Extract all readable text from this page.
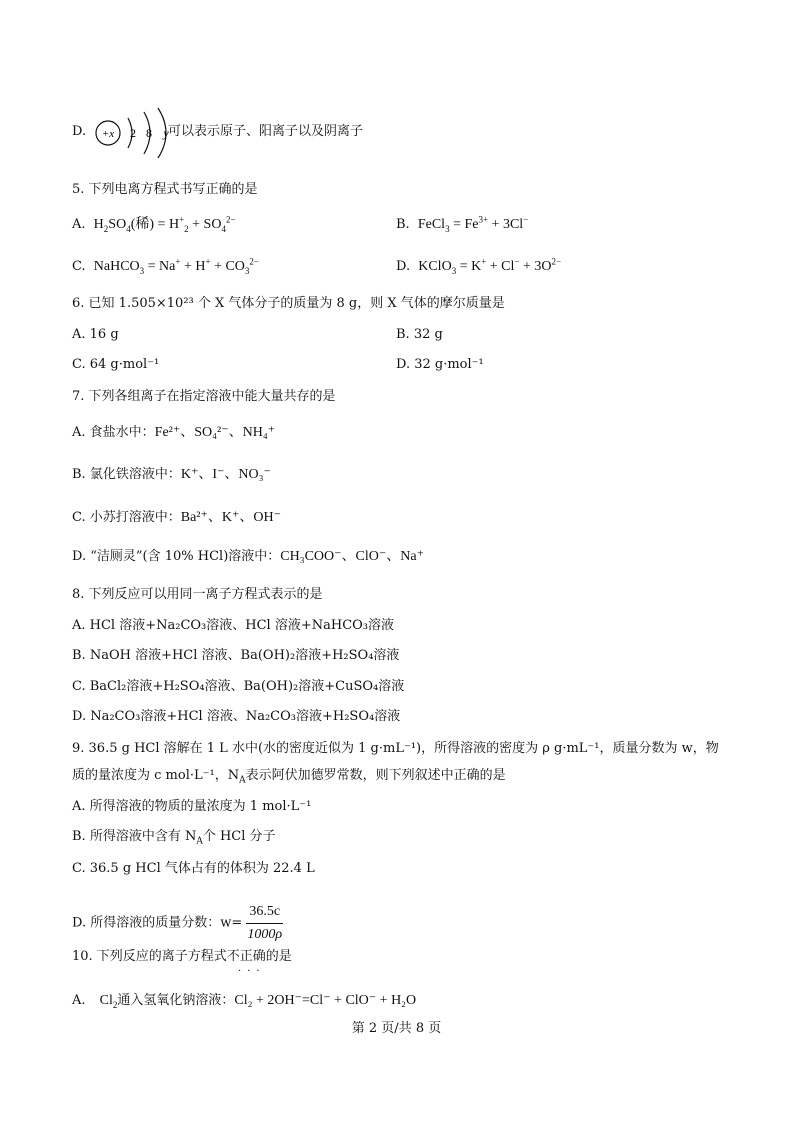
D. +x 2 8 y 可以表示原子、阳离子以及阴离子
5. 下列电离方程式书写正确的是
A. $H_2SO_4$(稀) = $H^+_2 + SO_4^{2-}$	B. FeCl$_3$ = $Fe^{3+} + 3Cl^-$
C. NaHCO$_3$ = $Na^+ + H^+ + CO_3^{2-}$	D. KClO$_3$ = $K^+ + Cl^- + 3O^{2-}$
6. 已知 1.505×10²³ 个 X 气体分子的质量为 8 g，则 X 气体的摩尔质量是
A. 16 g	B. 32 g
C. 64 g·mol⁻¹	D. 32 g·mol⁻¹
7. 下列各组离子在指定溶液中能大量共存的是
A. 食盐水中：Fe²⁺、SO₄²⁻、NH₄⁺
B. 氯化铁溶液中：K⁺、I⁻、NO₃⁻
C. 小苏打溶液中：Ba²⁺、K⁺、OH⁻
D. “洁厕灵”(含 10% HCl)溶液中：CH₃COO⁻、ClO⁻、Na⁺
8. 下列反应可以用同一离子方程式表示的是
A. HCl 溶液+Na₂CO₃溶液、HCl 溶液+NaHCO₃溶液
B. NaOH 溶液+HCl 溶液、Ba(OH)₂溶液+H₂SO₄溶液
C. BaCl₂溶液+H₂SO₄溶液、Ba(OH)₂溶液+CuSO₄溶液
D. Na₂CO₃溶液+HCl 溶液、Na₂CO₃溶液+H₂SO₄溶液
9. 36.5 g HCl 溶解在 1 L 水中(水的密度近似为 1 g·mL⁻¹)，所得溶液的密度为 ρ g·mL⁻¹，质量分数为 w，物
质的量浓度为 c mol·L⁻¹，$N_A$表示阿伏加德罗常数，则下列叙述中正确的是
A. 所得溶液的物质的量浓度为 1 mol·L⁻¹
B. 所得溶液中含有 $N_A$个 HCl 分子
C. 36.5 g HCl 气体占有的体积为 22.4 L
D. 所得溶液的质量分数：$w= \frac{36.5c}{1000\rho}$
10. 下列反应的离子方程式不正确的是
···
A. $Cl_2$通入氢氧化钠溶液：Cl₂ + 2OH⁻=Cl⁻ + ClO⁻ + H₂O
第 2 页/共 8 页
